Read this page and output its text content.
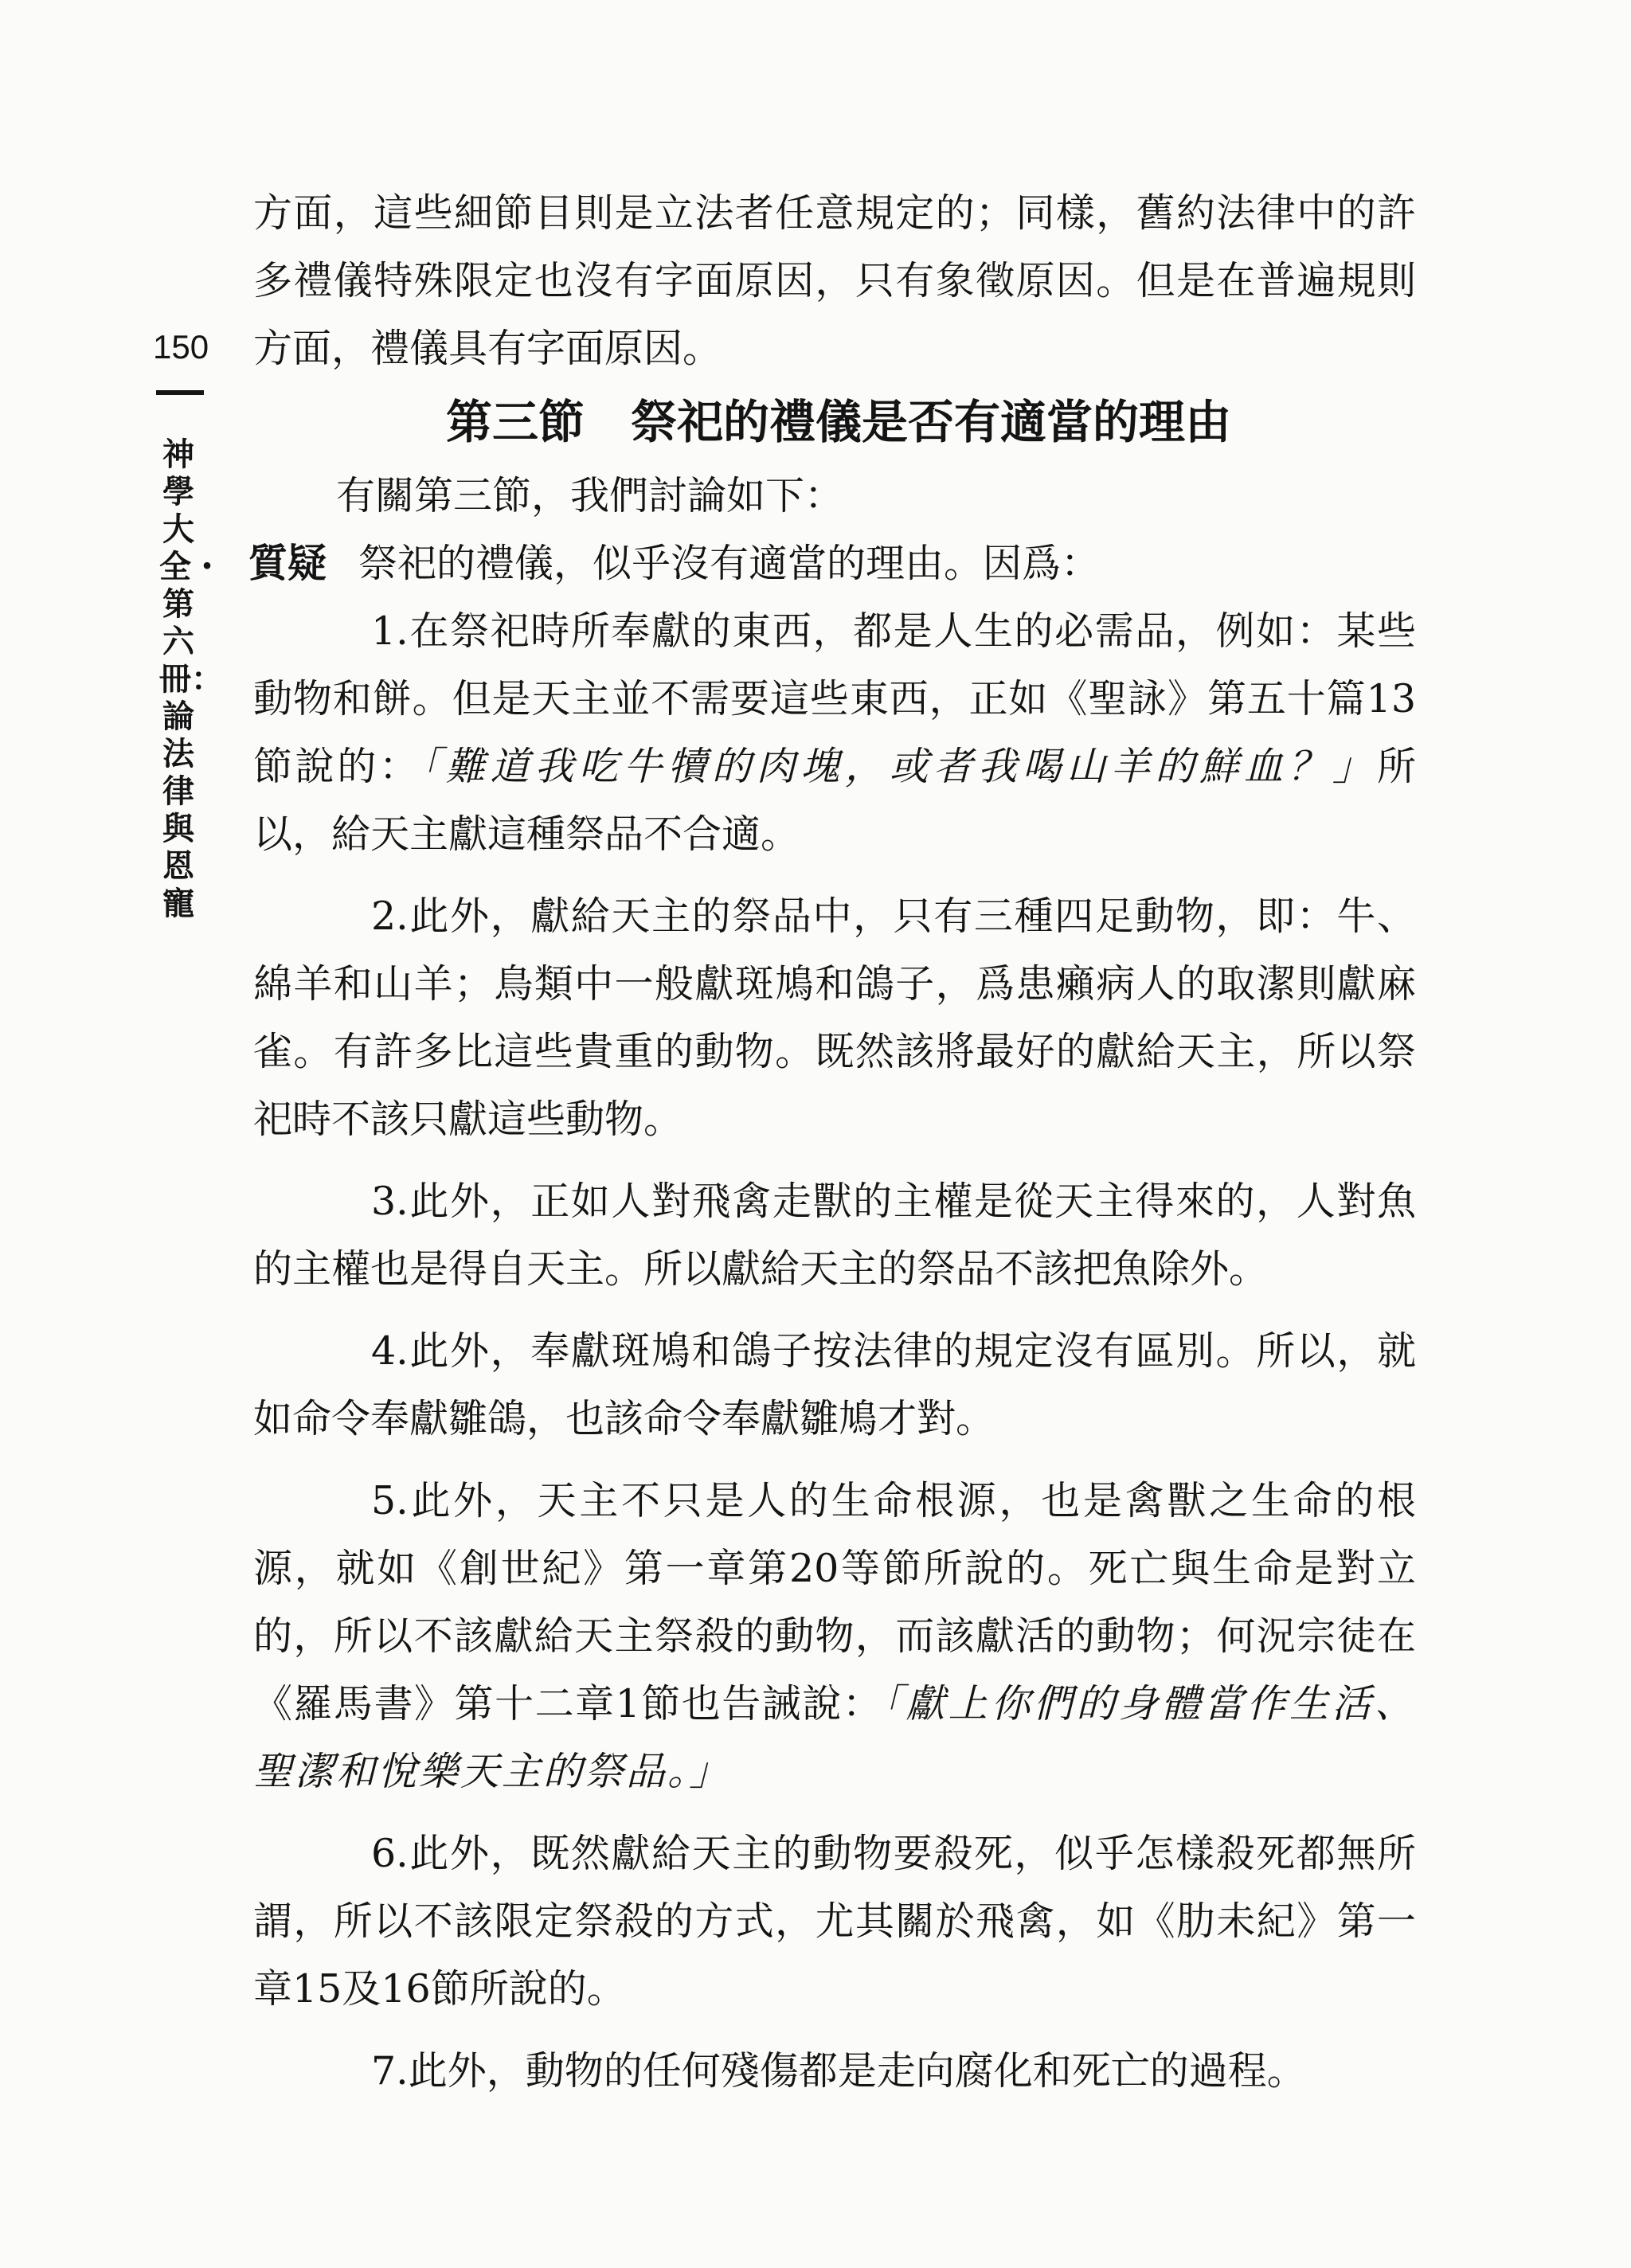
150
神學大全・第六冊：論法律與恩寵

方面，這些細節目則是立法者任意規定的；同樣，舊約法律中的許多禮儀特殊限定也沒有字面原因，只有象徵原因。但是在普遍規則方面，禮儀具有字面原因。

第三節　祭祀的禮儀是否有適當的理由

有關第三節，我們討論如下：

質疑 祭祀的禮儀，似乎沒有適當的理由。因爲：

1.在祭祀時所奉獻的東西，都是人生的必需品，例如：某些動物和餅。但是天主並不需要這些東西，正如《聖詠》第五十篇13節說的：「難道我吃牛犢的肉塊，或者我喝山羊的鮮血？」所以，給天主獻這種祭品不合適。

2.此外，獻給天主的祭品中，只有三種四足動物，即：牛、綿羊和山羊；鳥類中一般獻斑鳩和鴿子，爲患癩病人的取潔則獻麻雀。有許多比這些貴重的動物。既然該將最好的獻給天主，所以祭祀時不該只獻這些動物。

3.此外，正如人對飛禽走獸的主權是從天主得來的，人對魚的主權也是得自天主。所以獻給天主的祭品不該把魚除外。

4.此外，奉獻斑鳩和鴿子按法律的規定沒有區別。所以，就如命令奉獻雛鴿，也該命令奉獻雛鳩才對。

5.此外，天主不只是人的生命根源，也是禽獸之生命的根源，就如《創世紀》第一章第20等節所說的。死亡與生命是對立的，所以不該獻給天主祭殺的動物，而該獻活的動物；何況宗徒在《羅馬書》第十二章1節也告誡說：「獻上你們的身體當作生活、聖潔和悅樂天主的祭品。」

6.此外，既然獻給天主的動物要殺死，似乎怎樣殺死都無所謂，所以不該限定祭殺的方式，尤其關於飛禽，如《肋未紀》第一章15及16節所說的。

7.此外，動物的任何殘傷都是走向腐化和死亡的過程。
